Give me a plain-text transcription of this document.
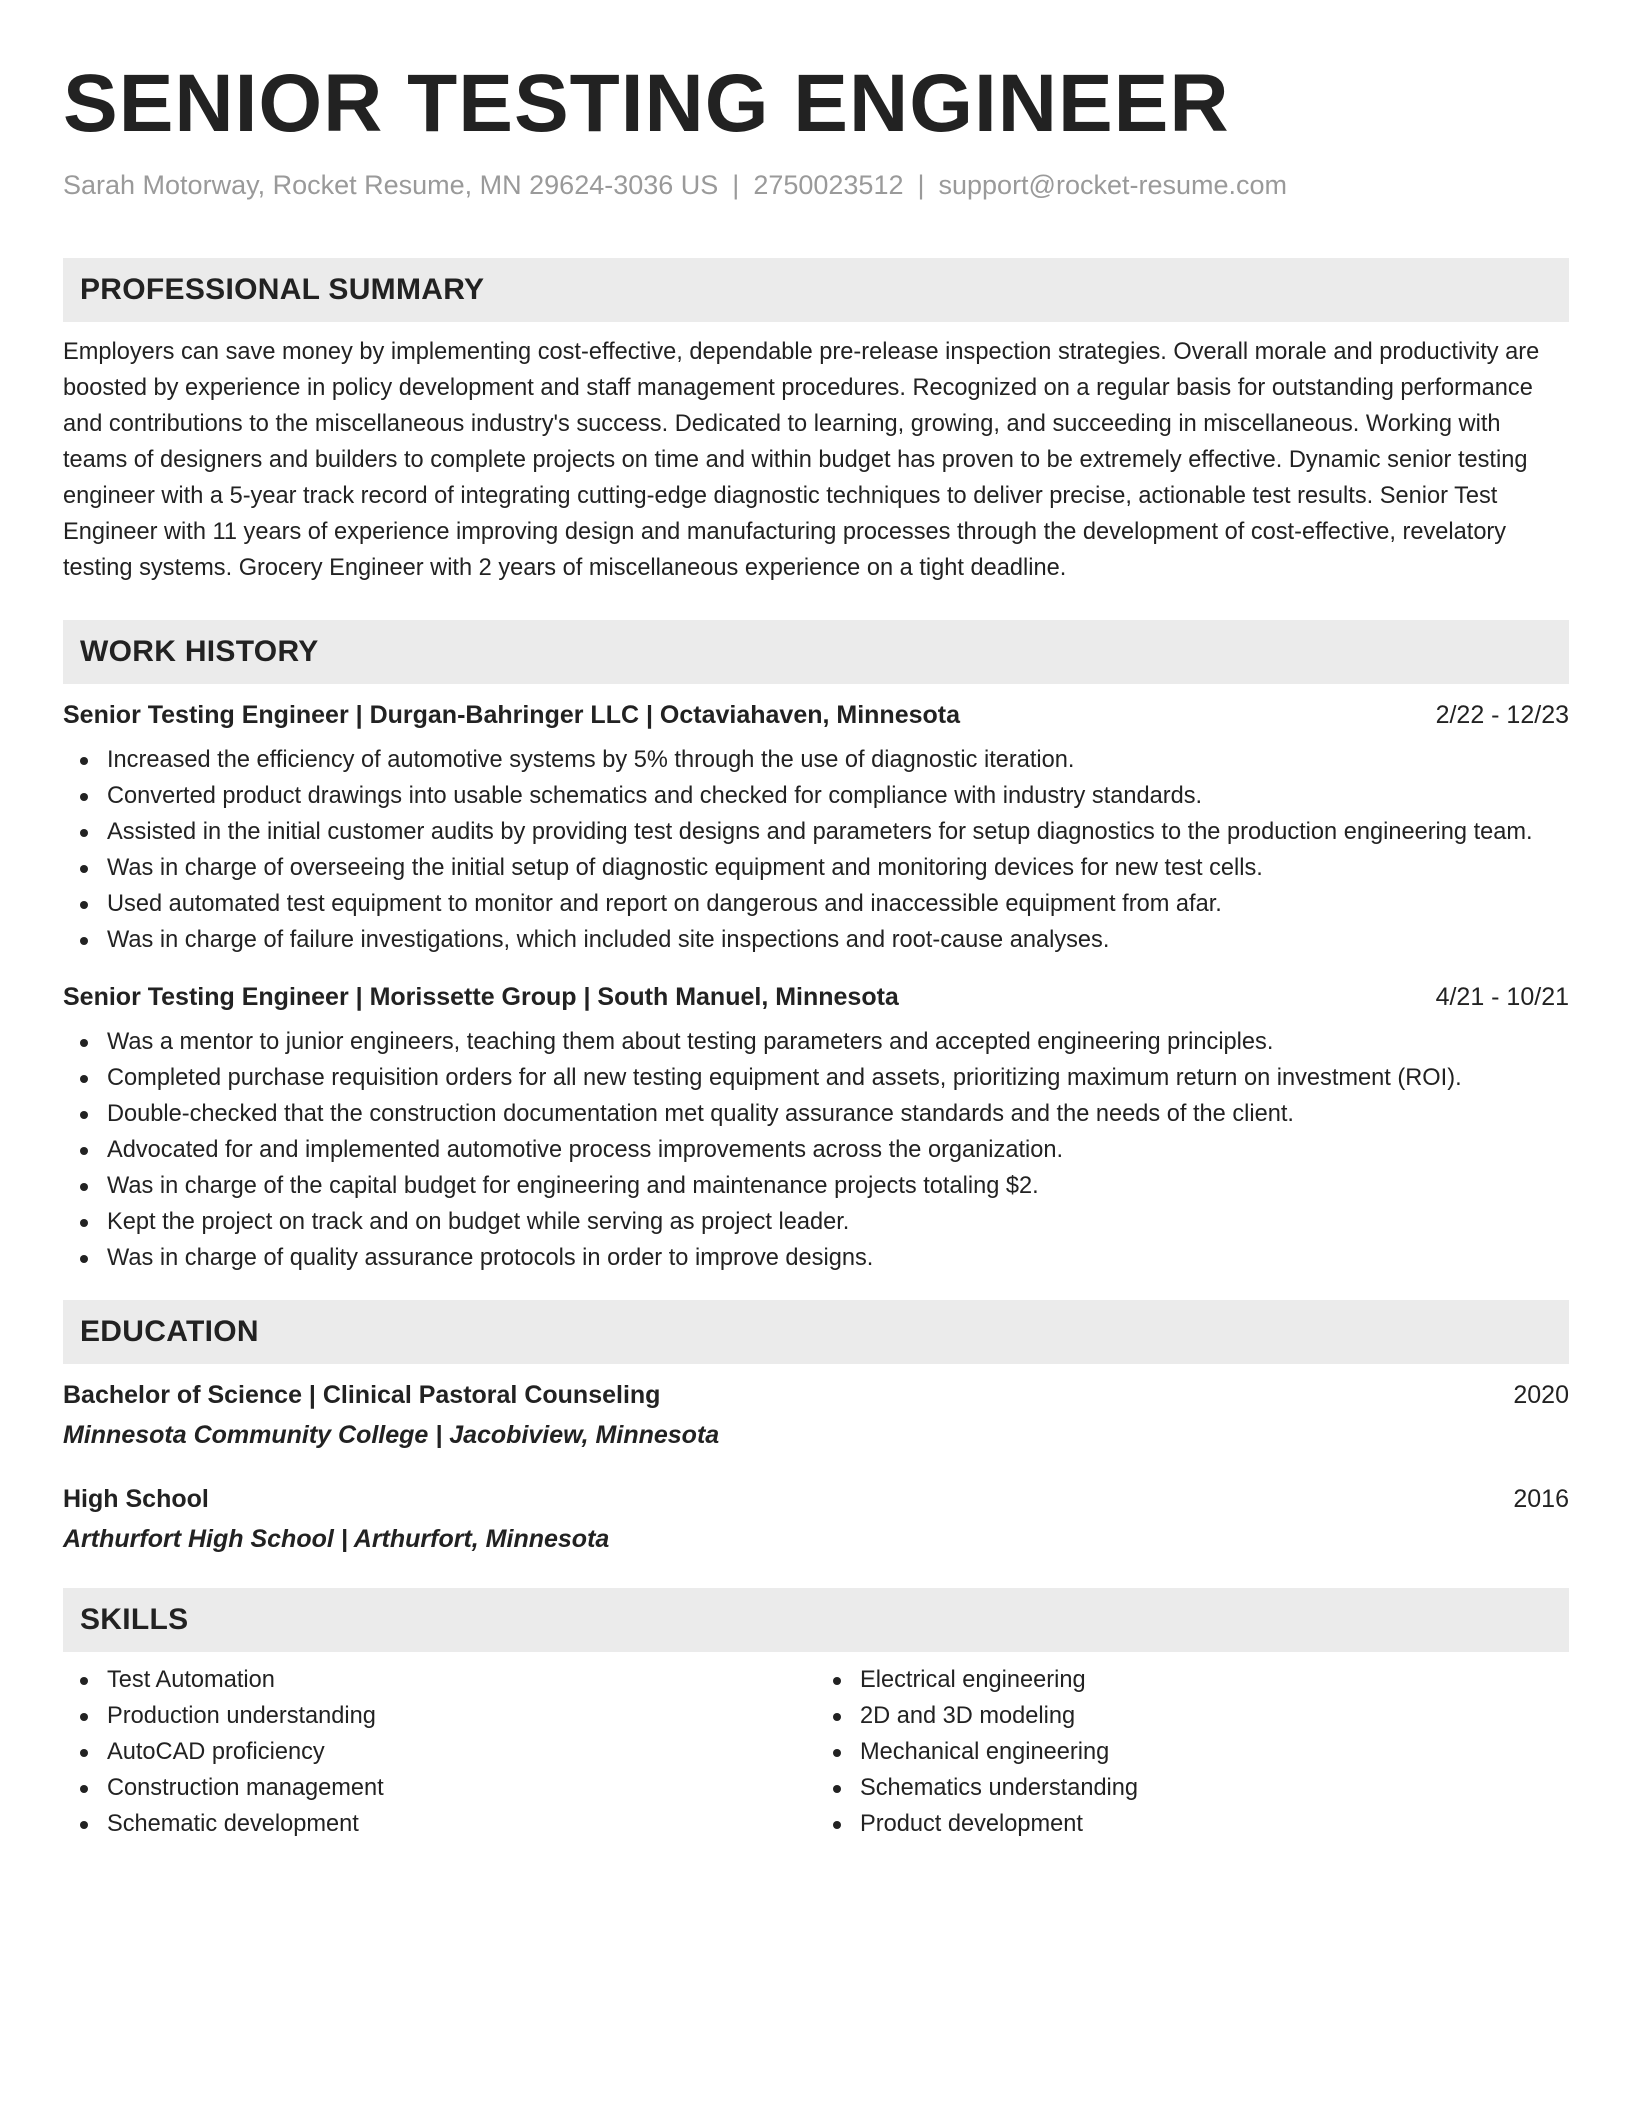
SENIOR TESTING ENGINEER
Sarah Motorway, Rocket Resume, MN 29624-3036 US | 2750023512 | support@rocket-resume.com
PROFESSIONAL SUMMARY
Employers can save money by implementing cost-effective, dependable pre-release inspection strategies. Overall morale and productivity are boosted by experience in policy development and staff management procedures. Recognized on a regular basis for outstanding performance and contributions to the miscellaneous industry's success. Dedicated to learning, growing, and succeeding in miscellaneous. Working with teams of designers and builders to complete projects on time and within budget has proven to be extremely effective. Dynamic senior testing engineer with a 5-year track record of integrating cutting-edge diagnostic techniques to deliver precise, actionable test results. Senior Test Engineer with 11 years of experience improving design and manufacturing processes through the development of cost-effective, revelatory testing systems. Grocery Engineer with 2 years of miscellaneous experience on a tight deadline.
WORK HISTORY
Senior Testing Engineer | Durgan-Bahringer LLC | Octaviahaven, Minnesota	2/22 - 12/23
Increased the efficiency of automotive systems by 5% through the use of diagnostic iteration.
Converted product drawings into usable schematics and checked for compliance with industry standards.
Assisted in the initial customer audits by providing test designs and parameters for setup diagnostics to the production engineering team.
Was in charge of overseeing the initial setup of diagnostic equipment and monitoring devices for new test cells.
Used automated test equipment to monitor and report on dangerous and inaccessible equipment from afar.
Was in charge of failure investigations, which included site inspections and root-cause analyses.
Senior Testing Engineer | Morissette Group | South Manuel, Minnesota	4/21 - 10/21
Was a mentor to junior engineers, teaching them about testing parameters and accepted engineering principles.
Completed purchase requisition orders for all new testing equipment and assets, prioritizing maximum return on investment (ROI).
Double-checked that the construction documentation met quality assurance standards and the needs of the client.
Advocated for and implemented automotive process improvements across the organization.
Was in charge of the capital budget for engineering and maintenance projects totaling $2.
Kept the project on track and on budget while serving as project leader.
Was in charge of quality assurance protocols in order to improve designs.
EDUCATION
Bachelor of Science | Clinical Pastoral Counseling	2020
Minnesota Community College | Jacobiview, Minnesota
High School	2016
Arthurfort High School | Arthurfort, Minnesota
SKILLS
Test Automation
Production understanding
AutoCAD proficiency
Construction management
Schematic development
Electrical engineering
2D and 3D modeling
Mechanical engineering
Schematics understanding
Product development
